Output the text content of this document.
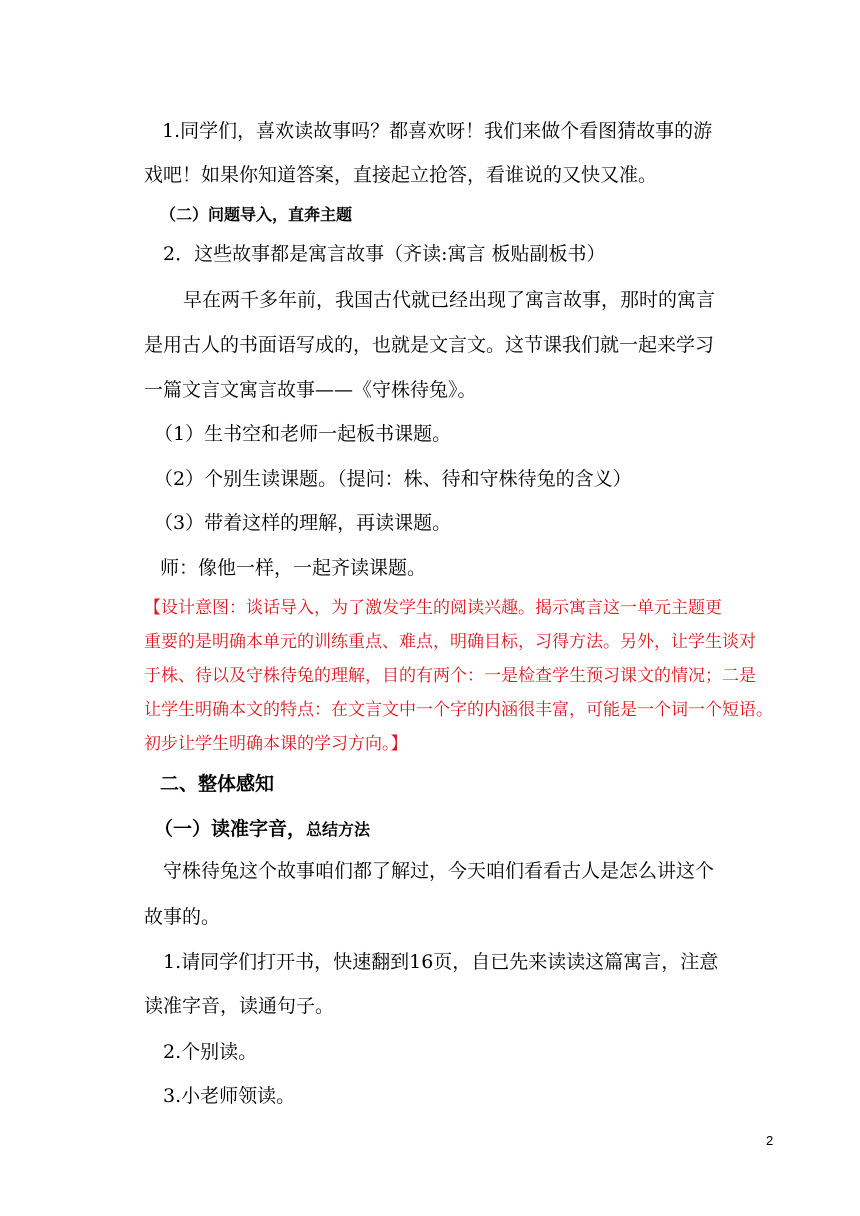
1.同学们，喜欢读故事吗？都喜欢呀！我们来做个看图猜故事的游
戏吧！如果你知道答案，直接起立抢答，看谁说的又快又准。
（二）问题导入，直奔主题
2．这些故事都是寓言故事（齐读:寓言 板贴副板书）
早在两千多年前，我国古代就已经出现了寓言故事，那时的寓言
是用古人的书面语写成的，也就是文言文。这节课我们就一起来学习
一篇文言文寓言故事——《守株待兔》。
（1）生书空和老师一起板书课题。
（2）个别生读课题。（提问：株、待和守株待兔的含义）
（3）带着这样的理解，再读课题。
师：像他一样，一起齐读课题。
【设计意图：谈话导入，为了激发学生的阅读兴趣。揭示寓言这一单元主题更
重要的是明确本单元的训练重点、难点，明确目标，习得方法。另外，让学生谈对
于株、待以及守株待兔的理解，目的有两个：一是检查学生预习课文的情况；二是
让学生明确本文的特点：在文言文中一个字的内涵很丰富，可能是一个词一个短语。
初步让学生明确本课的学习方向。】
二、整体感知
（一）读准字音，总结方法
守株待兔这个故事咱们都了解过，今天咱们看看古人是怎么讲这个
故事的。
1.请同学们打开书，快速翻到16页，自已先来读读这篇寓言，注意
读准字音，读通句子。
2.个别读。
3.小老师领读。
2
